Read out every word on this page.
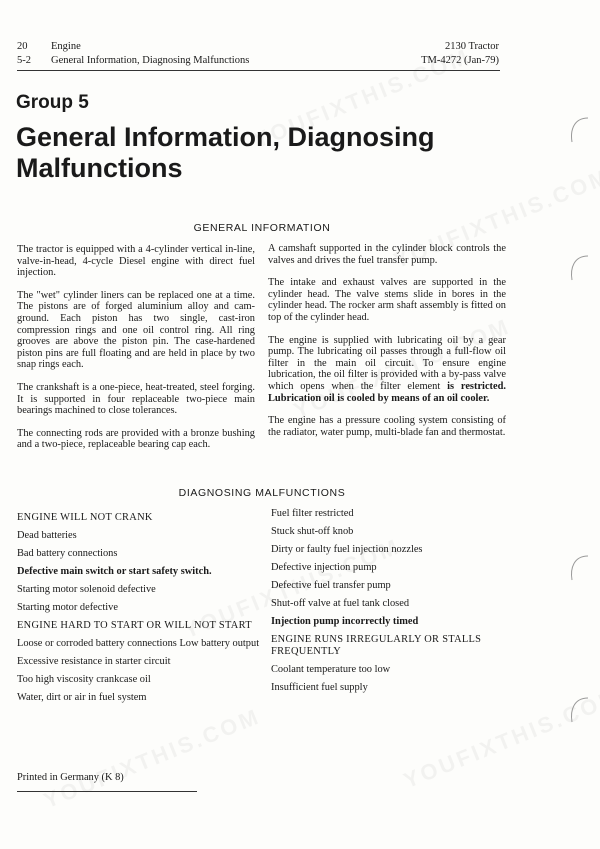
20 Engine
5-2 General Information, Diagnosing Malfunctions
2130 Tractor
TM-4272 (Jan-79)
Group 5
General Information, Diagnosing Malfunctions
GENERAL INFORMATION

The tractor is equipped with a 4-cylinder vertical in-line, valve-in-head, 4-cycle Diesel engine with direct fuel injection.

The "wet" cylinder liners can be replaced one at a time. The pistons are of forged aluminium alloy and cam-ground. Each piston has two single, cast-iron compression rings and one oil control ring. All ring grooves are above the piston pin. The case-hardened piston pins are full floating and are held in place by two snap rings each.

The crankshaft is a one-piece, heat-treated, steel forging. It is supported in four replaceable two-piece main bearings machined to close tolerances.

The connecting rods are provided with a bronze bushing and a two-piece, replaceable bearing cap each.

A camshaft supported in the cylinder block controls the valves and drives the fuel transfer pump.

The intake and exhaust valves are supported in the cylinder head. The valve stems slide in bores in the cylinder head. The rocker arm shaft assembly is fitted on top of the cylinder head.

The engine is supplied with lubricating oil by a gear pump. The lubricating oil passes through a full-flow oil filter in the main oil circuit. To ensure engine lubrication, the oil filter is provided with a by-pass valve which opens when the filter element is restricted. Lubrication oil is cooled by means of an oil cooler.

The engine has a pressure cooling system consisting of the radiator, water pump, multi-blade fan and thermostat.

DIAGNOSING MALFUNCTIONS
ENGINE WILL NOT CRANK
Dead batteries
Bad battery connections
Defective main switch or start safety switch.
Starting motor solenoid defective
Starting motor defective
ENGINE HARD TO START OR WILL NOT START
Loose or corroded battery connections Low battery output
Excessive resistance in starter circuit
Too high viscosity crankcase oil
Water, dirt or air in fuel system
Fuel filter restricted
Stuck shut-off knob
Dirty or faulty fuel injection nozzles
Defective injection pump
Defective fuel transfer pump
Shut-off valve at fuel tank closed
Injection pump incorrectly timed
ENGINE RUNS IRREGULARLY OR STALLS FREQUENTLY
Coolant temperature too low
Insufficient fuel supply
Printed in Germany (K 8)
